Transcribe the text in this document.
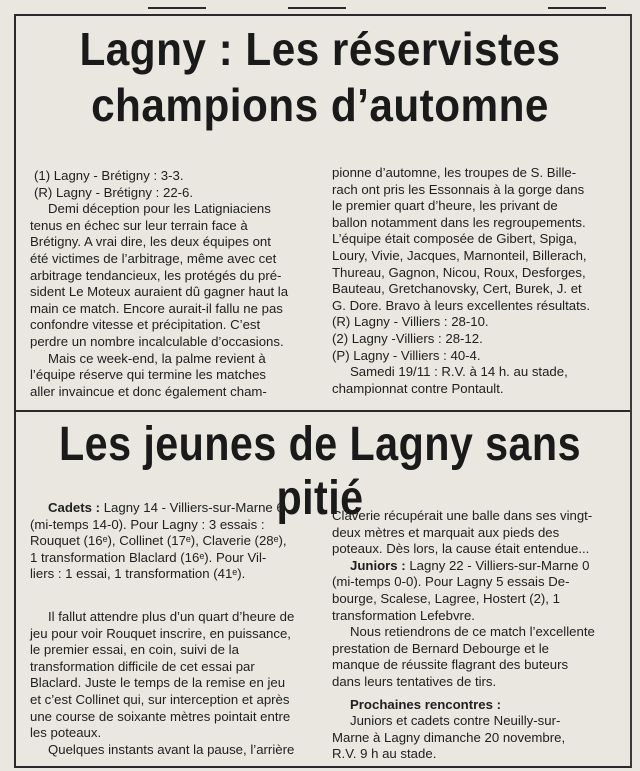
Lagny : Les réservistes
champions d’automne
(1) Lagny - Brétigny : 3-3.
(R) Lagny - Brétigny : 22-6.
Demi déception pour les Latigniaciens
tenus en échec sur leur terrain face à
Brétigny. A vrai dire, les deux équipes ont
été victimes de l’arbitrage, même avec cet
arbitrage tendancieux, les protégés du pré-
sident Le Moteux auraient dû gagner haut la
main ce match. Encore aurait-il fallu ne pas
confondre vitesse et précipitation. C’est
perdre un nombre incalculable d’occasions.
Mais ce week-end, la palme revient à
l’équipe réserve qui termine les matches
aller invaincue et donc également cham-
pionne d’automne, les troupes de S. Bille-
rach ont pris les Essonnais à la gorge dans
le premier quart d’heure, les privant de
ballon notamment dans les regroupements.
L’équipe était composée de Gibert, Spiga,
Loury, Vivie, Jacques, Marnonteil, Billerach,
Thureau, Gagnon, Nicou, Roux, Desforges,
Bauteau, Gretchanovsky, Cert, Burek, J. et
G. Dore. Bravo à leurs excellentes résultats.
(R) Lagny - Villiers : 28-10.
(2) Lagny -Villiers : 28-12.
(P) Lagny - Villiers : 40-4.
Samedi 19/11 : R.V. à 14 h. au stade,
championnat contre Pontault.
Les jeunes de Lagny sans pitié
Cadets : Lagny 14 - Villiers-sur-Marne 6
(mi-temps 14-0). Pour Lagny : 3 essais :
Rouquet (16ᵉ), Collinet (17ᵉ), Claverie (28ᵉ),
1 transformation Blaclard (16ᵉ). Pour Vil-
liers : 1 essai, 1 transformation (41ᵉ).
Il fallut attendre plus d’un quart d’heure de
jeu pour voir Rouquet inscrire, en puissance,
le premier essai, en coin, suivi de la
transformation difficile de cet essai par
Blaclard. Juste le temps de la remise en jeu
et c’est Collinet qui, sur interception et après
une course de soixante mètres pointait entre
les poteaux.
Quelques instants avant la pause, l’arrière
Claverie récupérait une balle dans ses vingt-
deux mètres et marquait aux pieds des
poteaux. Dès lors, la cause était entendue...
Juniors : Lagny 22 - Villiers-sur-Marne 0
(mi-temps 0-0). Pour Lagny 5 essais De-
bourge, Scalese, Lagree, Hostert (2), 1
transformation Lefebvre.
Nous retiendrons de ce match l’excellente
prestation de Bernard Debourge et le
manque de réussite flagrant des buteurs
dans leurs tentatives de tirs.
Prochaines rencontres :
Juniors et cadets contre Neuilly-sur-
Marne à Lagny dimanche 20 novembre,
R.V. 9 h au stade.
